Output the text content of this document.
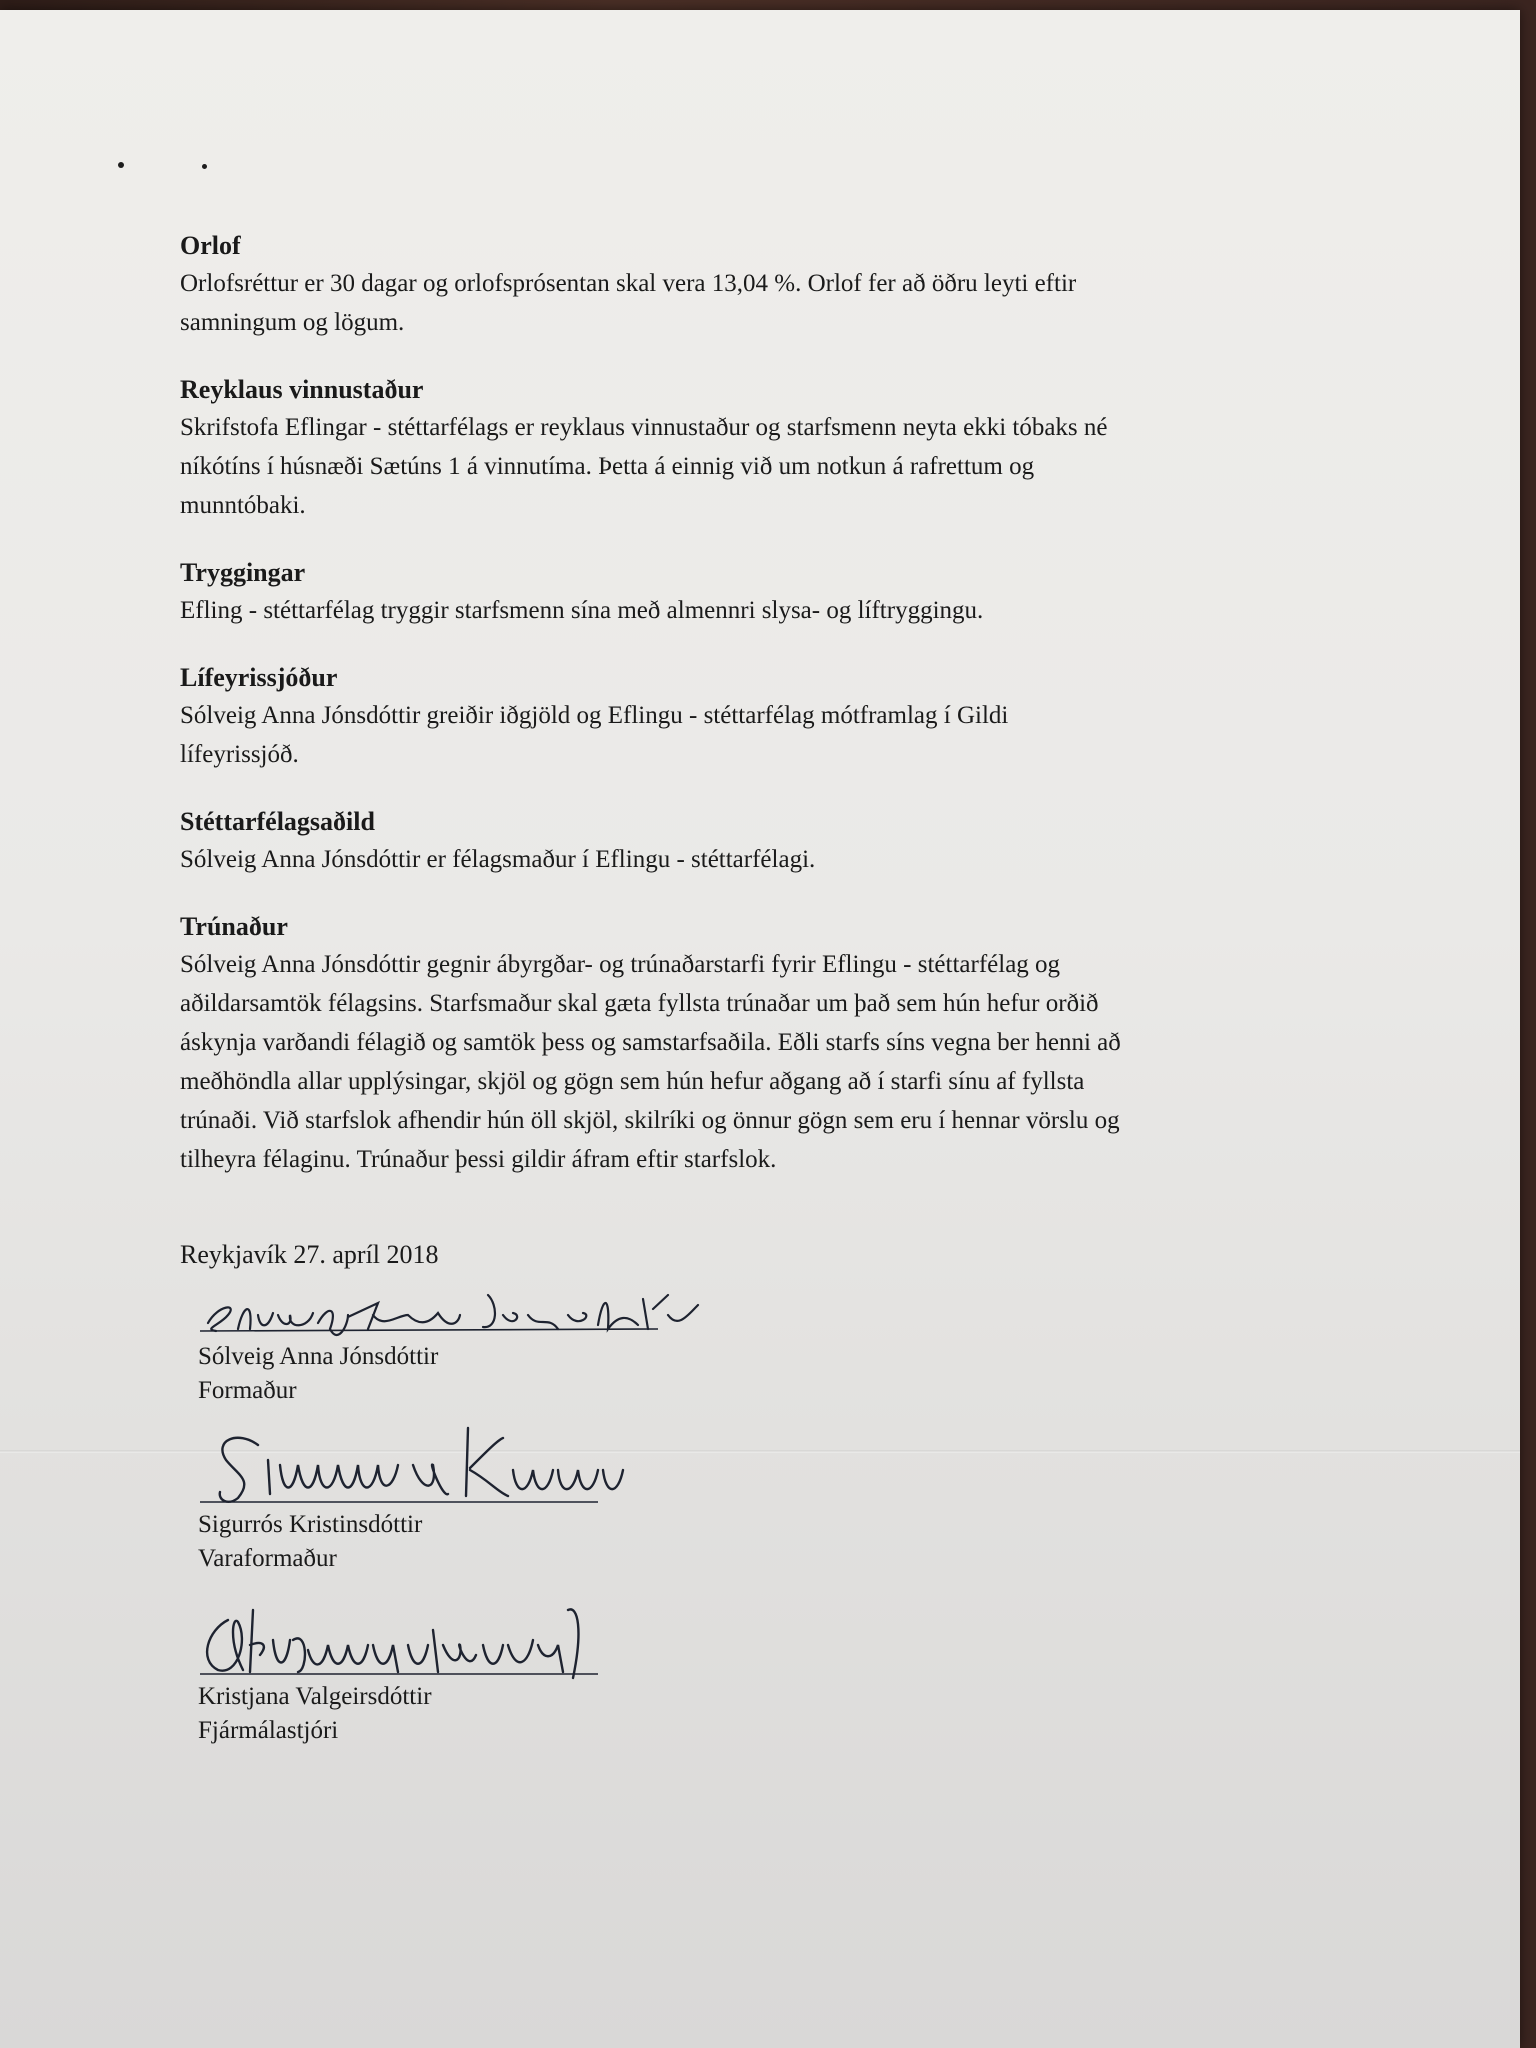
Orlof
Orlofsréttur er 30 dagar og orlofsprósentan skal vera 13,04 %. Orlof fer að öðru leyti eftir
samningum og lögum.
Reyklaus vinnustaður
Skrifstofa Eflingar - stéttarfélags er reyklaus vinnustaður og starfsmenn neyta ekki tóbaks né
níkótíns í húsnæði Sætúns 1 á vinnutíma. Þetta á einnig við um notkun á rafrettum og
munntóbaki.
Tryggingar
Efling - stéttarfélag tryggir starfsmenn sína með almennri slysa- og líftryggingu.
Lífeyrissjóður
Sólveig Anna Jónsdóttir greiðir iðgjöld og Eflingu - stéttarfélag mótframlag í Gildi
lífeyrissjóð.
Stéttarfélagsaðild
Sólveig Anna Jónsdóttir er félagsmaður í Eflingu - stéttarfélagi.
Trúnaður
Sólveig Anna Jónsdóttir gegnir ábyrgðar- og trúnaðarstarfi fyrir Eflingu - stéttarfélag og
aðildarsamtök félagsins. Starfsmaður skal gæta fyllsta trúnaðar um það sem hún hefur orðið
áskynja varðandi félagið og samtök þess og samstarfsaðila. Eðli starfs síns vegna ber henni að
meðhöndla allar upplýsingar, skjöl og gögn sem hún hefur aðgang að í starfi sínu af fyllsta
trúnaði. Við starfslok afhendir hún öll skjöl, skilríki og önnur gögn sem eru í hennar vörslu og
tilheyra félaginu. Trúnaður þessi gildir áfram eftir starfslok.
Reykjavík 27. apríl 2018
Sólveig Anna Jónsdóttir
Formaður
Sigurrós Kristinsdóttir
Varaformaður
Kristjana Valgeirsdóttir
Fjármálastjóri
